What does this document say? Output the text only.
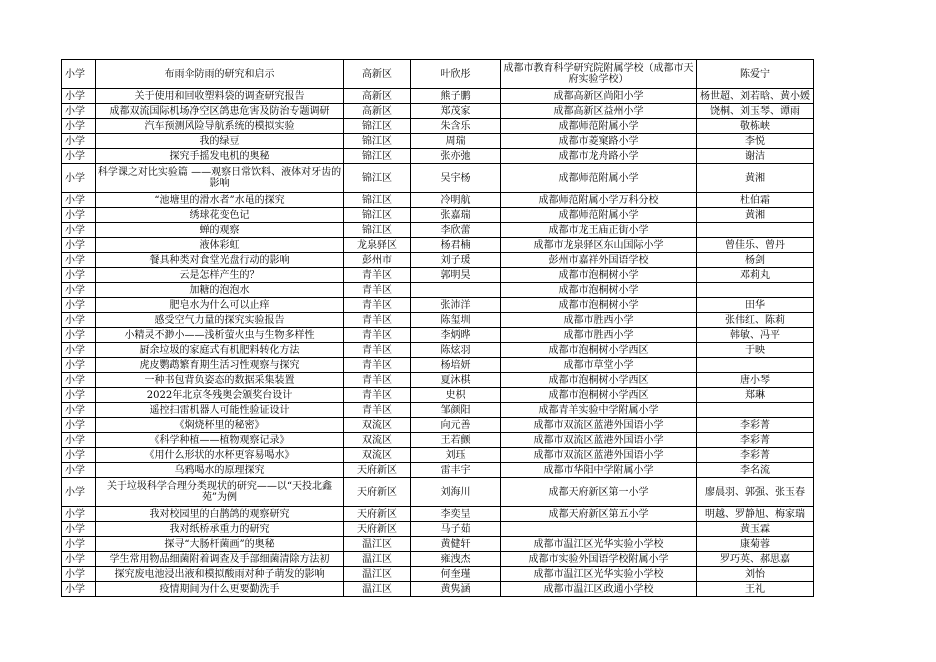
小学	布雨伞防雨的研究和启示	高新区	叶欣彤	成都市教育科学研究院附属学校（成都市天府实验学校）	陈爱宁
小学	关于使用和回收塑料袋的调查研究报告	高新区	熊子鹏	成都高新区尚阳小学	杨世超、刘若晗、黄小媛
小学	成都双流国际机场净空区鸽患危害及防治专题调研	高新区	郑茂家	成都高新区益州小学	饶桐、刘玉琴、谭雨
小学	汽车预测风险导航系统的模拟实验	锦江区	朱含乐	成都师范附属小学	敬栋峡
小学	我的绿豆	锦江区	周瑞	成都市菱窠路小学	李悦
小学	探究手摇发电机的奥秘	锦江区	张亦弛	成都市龙舟路小学	谢洁
小学	科学课之对比实验篇 ——观察日常饮料、液体对牙齿的影响	锦江区	吴宇杨	成都师范附属小学	黄湘
小学	“池塘里的滑水者”水黾的探究	锦江区	冷明航	成都师范附属小学万科分校	杜伯霜
小学	绣球花变色记	锦江区	张嘉瑞	成都师范附属小学	黄湘
小学	蝉的观察	锦江区	李欣蕾	成都市龙王庙正街小学	
小学	液体彩虹	龙泉驿区	杨君楠	成都市龙泉驿区东山国际小学	曾佳乐、曾丹
小学	餐具种类对食堂光盘行动的影响	彭州市	刘子瑗	彭州市嘉祥外国语学校	杨剑
小学	云是怎样产生的？	青羊区	郭明昊	成都市泡桐树小学	邓莉丸
小学	加糖的泡泡水	青羊区		成都市泡桐树小学	
小学	肥皂水为什么可以止痒	青羊区	张沛洋	成都市泡桐树小学	田华
小学	感受空气力量的探究实验报告	青羊区	陈玺圳	成都市胜西小学	张伟红、陈莉
小学	小精灵不渺小——浅析萤火虫与生物多样性	青羊区	李炳晔	成都市胜西小学	韩敏、冯平
小学	厨余垃圾的家庭式有机肥料转化方法	青羊区	陈炫羽	成都市泡桐树小学西区	于映
小学	虎皮鹦鹉繁育期生活习性观察与探究	青羊区	杨培妍	成都市草堂小学	
小学	一种书包背负姿态的数据采集装置	青羊区	夏沐棋	成都市泡桐树小学西区	唐小琴
小学	2022年北京冬残奥会颁奖台设计	青羊区	史枳	成都市泡桐树小学西区	郑琳
小学	遥控扫雷机器人可能性验证设计	青羊区	邹颜阳	成都青羊实验中学附属小学	
小学	《焖烧杯里的秘密》	双流区	向元善	成都市双流区蓝港外国语小学	李彩菁
小学	《科学种植——植物观察记录》	双流区	王若颤	成都市双流区蓝港外国语小学	李彩菁
小学	《用什么形状的水杯更容易喝水》	双流区	刘珏	成都市双流区蓝港外国语小学	李彩菁
小学	乌鸦喝水的原理探究	天府新区	雷丰宇	成都市华阳中学附属小学	李名流
小学	关于垃圾科学合理分类现状的研究——以“天投北鑫苑”为例	天府新区	刘海川	成都天府新区第一小学	廖晨羽、郭强、张玉春
小学	我对校园里的白鹊鸽的观察研究	天府新区	李奕呈	成都天府新区第五小学	明越、罗静旭、梅家瑞
小学	我对纸桥承重力的研究	天府新区	马子茹		黄玉霖
小学	探寻“大肠杆菌画”的奥秘	温江区	黄健轩	成都市温江区光华实验小学校	康菊蓉
小学	学生常用物品细菌附着调查及手部细菌清除方法初	温江区	雍洩杰	成都市实验外国语学校附属小学	罗巧英、郝思嘉
小学	探究废电池浸出液和模拟酸雨对种子萌发的影响	温江区	何奎瑾	成都市温江区光华实验小学校	刘怡
小学	疫情期间为什么更要勤洗手	温江区	黄隽涵	成都市温江区政通小学校	王礼
